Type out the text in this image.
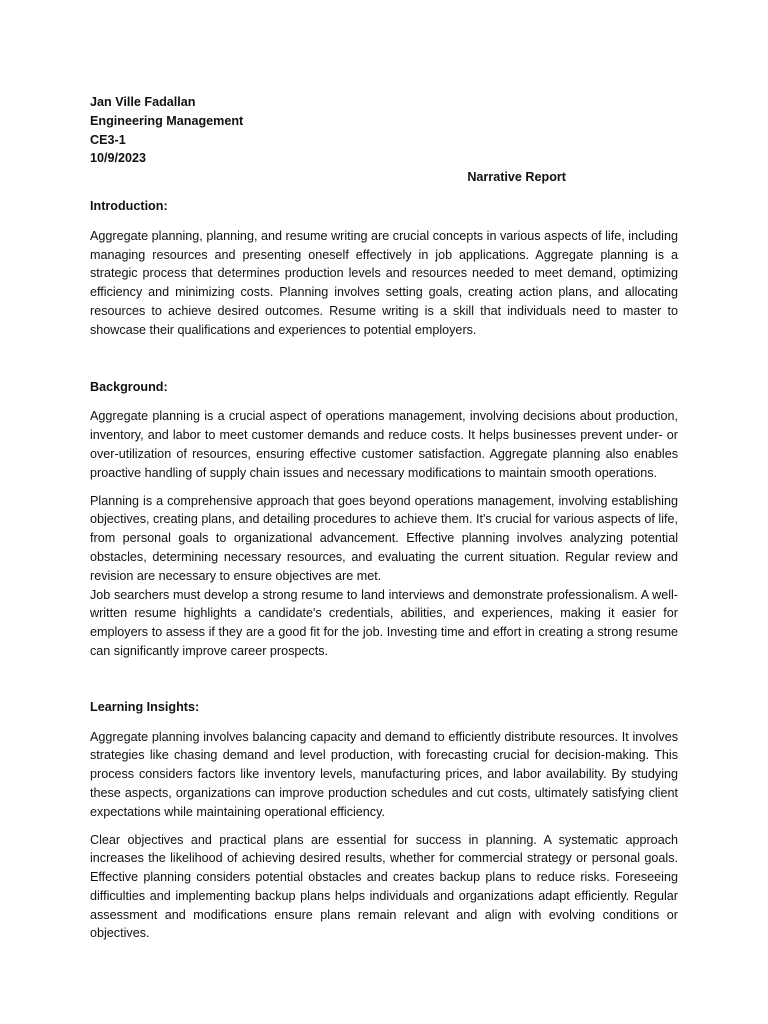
Jan Ville Fadallan
Engineering Management
CE3-1
10/9/2023
Narrative Report
Introduction:

Aggregate planning, planning, and resume writing are crucial concepts in various aspects of life, including managing resources and presenting oneself effectively in job applications. Aggregate planning is a strategic process that determines production levels and resources needed to meet demand, optimizing efficiency and minimizing costs. Planning involves setting goals, creating action plans, and allocating resources to achieve desired outcomes. Resume writing is a skill that individuals need to master to showcase their qualifications and experiences to potential employers.

Background:

Aggregate planning is a crucial aspect of operations management, involving decisions about production, inventory, and labor to meet customer demands and reduce costs. It helps businesses prevent under- or over-utilization of resources, ensuring effective customer satisfaction. Aggregate planning also enables proactive handling of supply chain issues and necessary modifications to maintain smooth operations.

Planning is a comprehensive approach that goes beyond operations management, involving establishing objectives, creating plans, and detailing procedures to achieve them. It's crucial for various aspects of life, from personal goals to organizational advancement. Effective planning involves analyzing potential obstacles, determining necessary resources, and evaluating the current situation. Regular review and revision are necessary to ensure objectives are met.

Job searchers must develop a strong resume to land interviews and demonstrate professionalism. A well- written resume highlights a candidate's credentials, abilities, and experiences, making it easier for employers to assess if they are a good fit for the job. Investing time and effort in creating a strong resume can significantly improve career prospects.

Learning Insights:

Aggregate planning involves balancing capacity and demand to efficiently distribute resources. It involves strategies like chasing demand and level production, with forecasting crucial for decision-making. This process considers factors like inventory levels, manufacturing prices, and labor availability. By studying these aspects, organizations can improve production schedules and cut costs, ultimately satisfying client expectations while maintaining operational efficiency.

Clear objectives and practical plans are essential for success in planning. A systematic approach increases the likelihood of achieving desired results, whether for commercial strategy or personal goals. Effective planning considers potential obstacles and creates backup plans to reduce risks. Foreseeing difficulties and implementing backup plans helps individuals and organizations adapt efficiently. Regular assessment and modifications ensure plans remain relevant and align with evolving conditions or objectives.
